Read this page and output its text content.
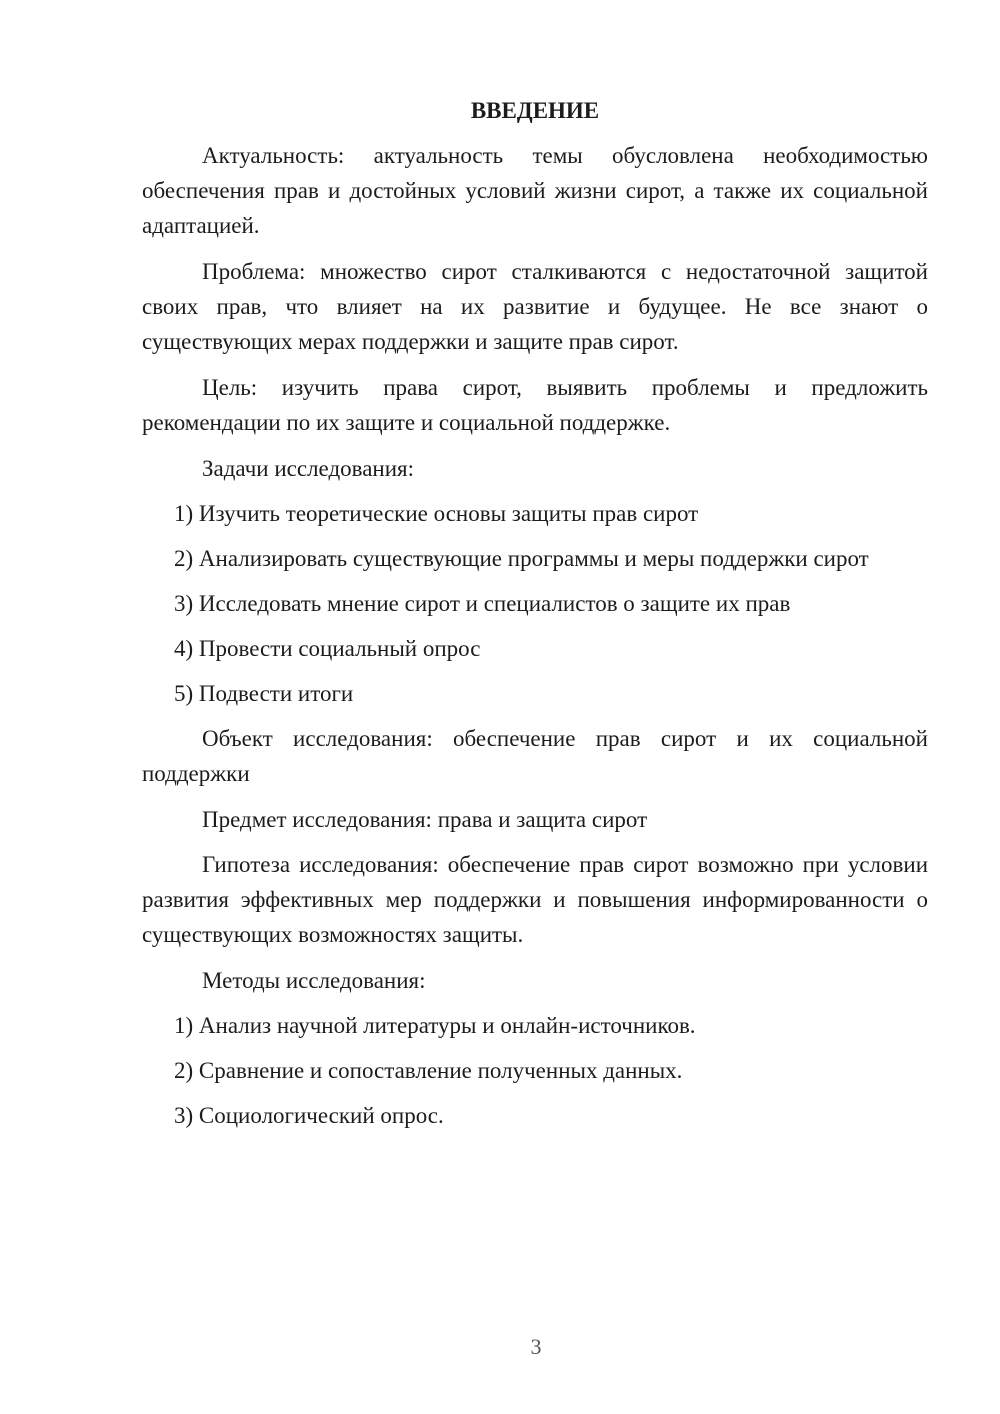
ВВЕДЕНИЕ

Актуальность: актуальность темы обусловлена необходимостью обеспечения прав и достойных условий жизни сирот, а также их социальной адаптацией.

Проблема: множество сирот сталкиваются с недостаточной защитой своих прав, что влияет на их развитие и будущее. Не все знают о существующих мерах поддержки и защите прав сирот.

Цель: изучить права сирот, выявить проблемы и предложить рекомендации по их защите и социальной поддержке.

Задачи исследования:

1) Изучить теоретические основы защиты прав сирот

2) Анализировать существующие программы и меры поддержки сирот

3) Исследовать мнение сирот и специалистов о защите их прав

4) Провести социальный опрос

5) Подвести итоги

Объект исследования: обеспечение прав сирот и их социальной поддержки

Предмет исследования: права и защита сирот

Гипотеза исследования: обеспечение прав сирот возможно при условии развития эффективных мер поддержки и повышения информированности о существующих возможностях защиты.

Методы исследования:

1) Анализ научной литературы и онлайн-источников.

2) Сравнение и сопоставление полученных данных.

3) Социологический опрос.

3
